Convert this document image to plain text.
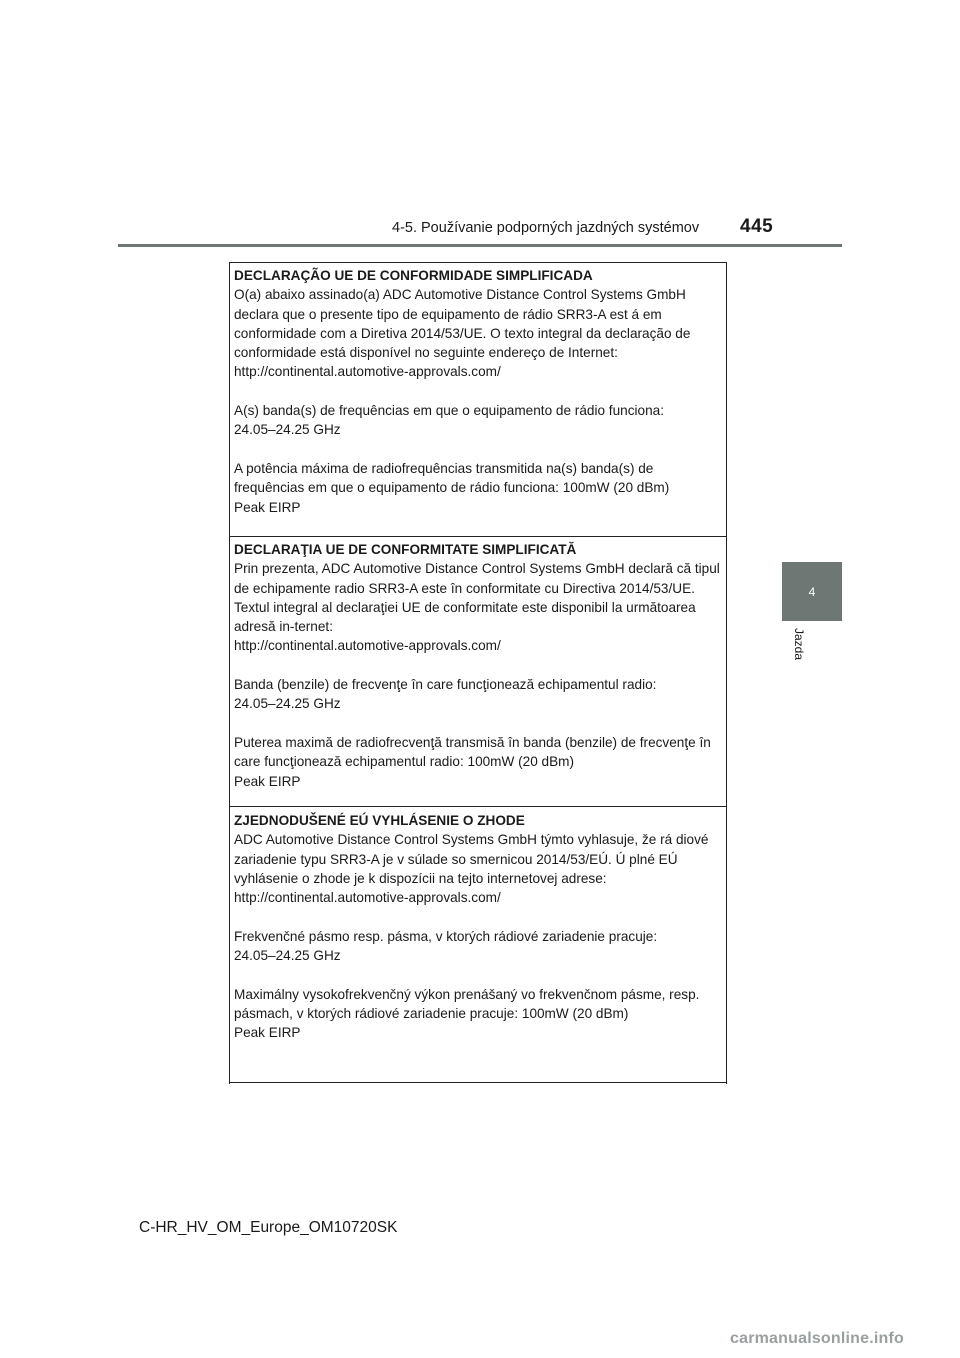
4-5. Používanie podporných jazdných systémov 445
4
Jazda

DECLARAÇÃO UE DE CONFORMIDADE SIMPLIFICADA

O(a) abaixo assinado(a) ADC Automotive Distance Control Systems GmbH declara que o presente tipo de equipamento de rádio SRR3-A est á em conformidade com a Diretiva 2014/53/UE. O texto integral da declaração de conformidade está disponível no seguinte endereço de Internet:
http://continental.automotive-approvals.com/

A(s) banda(s) de frequências em que o equipamento de rádio funciona:
24.05–24.25 GHz

A potência máxima de radiofrequências transmitida na(s) banda(s) de frequências em que o equipamento de rádio funciona: 100mW (20 dBm)
Peak EIRP

DECLARAŢIA UE DE CONFORMITATE SIMPLIFICATĂ

Prin prezenta, ADC Automotive Distance Control Systems GmbH declară că tipul de echipamente radio SRR3-A este în conformitate cu Directiva 2014/53/UE. Textul integral al declaraţiei UE de conformitate este disponibil la următoarea adresă in-ternet:
http://continental.automotive-approvals.com/

Banda (benzile) de frecvenţe în care funcţionează echipamentul radio:
24.05–24.25 GHz

Puterea maximă de radiofrecvenţă transmisă în banda (benzile) de frecvenţe în care funcţionează echipamentul radio: 100mW (20 dBm)
Peak EIRP

ZJEDNODUŠENÉ EÚ VYHLÁSENIE O ZHODE

ADC Automotive Distance Control Systems GmbH týmto vyhlasuje, že rá diové zariadenie typu SRR3-A je v súlade so smernicou 2014/53/EÚ. Ú plné EÚ vyhlásenie o zhode je k dispozícii na tejto internetovej adrese:
http://continental.automotive-approvals.com/

Frekvenčné pásmo resp. pásma, v ktorých rádiové zariadenie pracuje:
24.05–24.25 GHz

Maximálny vysokofrekvenčný výkon prenášaný vo frekvenčnom pásme, resp. pásmach, v ktorých rádiové zariadenie pracuje: 100mW (20 dBm)
Peak EIRP

C-HR_HV_OM_Europe_OM10720SK
carmanualsonline.info
